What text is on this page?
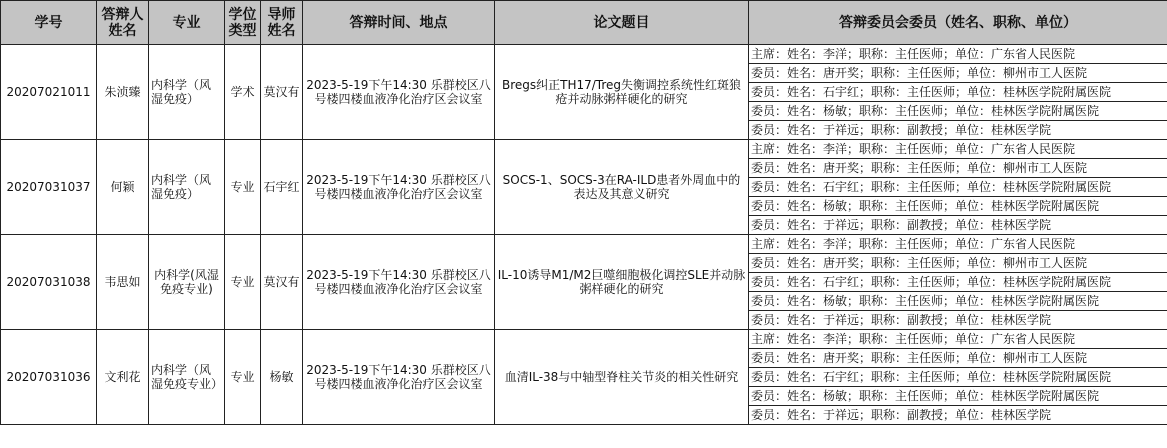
学号	答辩人姓名	专业	学位类型	导师姓名	答辩时间、地点	论文题目	答辩委员会委员（姓名、职称、单位）
20207021011	朱浈臻	内科学（风湿免疫）	学术	莫汉有	2023-5-19下午14:30 乐群校区八号楼四楼血液净化治疗区会议室	Bregs纠正TH17/Treg失衡调控系统性红斑狼疮并动脉粥样硬化的研究	主席：姓名：李洋；职称：主任医师；单位：广东省人民医院
							委员：姓名：唐开奖；职称：主任医师；单位：柳州市工人医院
							委员：姓名：石宇红；职称：主任医师；单位：桂林医学院附属医院
							委员：姓名：杨敏；职称：主任医师；单位：桂林医学院附属医院
							委员：姓名：于祥远；职称：副教授；单位：桂林医学院
20207031037	何颖	内科学（风湿免疫）	专业	石宇红	2023-5-19下午14:30 乐群校区八号楼四楼血液净化治疗区会议室	SOCS-1、SOCS-3在RA-ILD患者外周血中的表达及其意义研究	主席：姓名：李洋；职称：主任医师；单位：广东省人民医院
							委员：姓名：唐开奖；职称：主任医师；单位：柳州市工人医院
							委员：姓名：石宇红；职称：主任医师；单位：桂林医学院附属医院
							委员：姓名：杨敏；职称：主任医师；单位：桂林医学院附属医院
							委员：姓名：于祥远；职称：副教授；单位：桂林医学院
20207031038	韦思如	内科学(风湿免疫专业)	专业	莫汉有	2023-5-19下午14:30 乐群校区八号楼四楼血液净化治疗区会议室	IL-10诱导M1/M2巨噬细胞极化调控SLE并动脉粥样硬化的研究	主席：姓名：李洋；职称：主任医师；单位：广东省人民医院
							委员：姓名：唐开奖；职称：主任医师；单位：柳州市工人医院
							委员：姓名：石宇红；职称：主任医师；单位：桂林医学院附属医院
							委员：姓名：杨敏；职称：主任医师；单位：桂林医学院附属医院
							委员：姓名：于祥远；职称：副教授；单位：桂林医学院
20207031036	文利花	内科学（风湿免疫专业）	专业	杨敏	2023-5-19下午14:30 乐群校区八号楼四楼血液净化治疗区会议室	血清IL-38与中轴型脊柱关节炎的相关性研究	主席：姓名：李洋；职称：主任医师；单位：广东省人民医院
							委员：姓名：唐开奖；职称：主任医师；单位：柳州市工人医院
							委员：姓名：石宇红；职称：主任医师；单位：桂林医学院附属医院
							委员：姓名：杨敏；职称：主任医师；单位：桂林医学院附属医院
							委员：姓名：于祥远；职称：副教授；单位：桂林医学院
